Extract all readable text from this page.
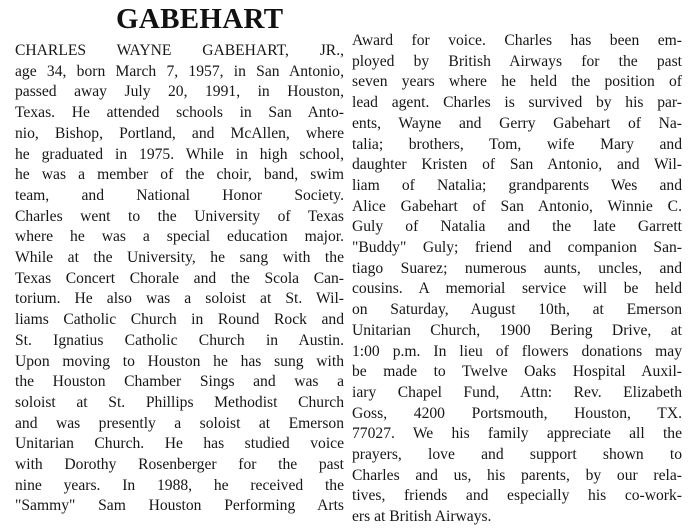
GABEHART
CHARLES WAYNE GABEHART, JR.,
age 34, born March 7, 1957, in San Antonio,
passed away July 20, 1991, in Houston,
Texas. He attended schools in San Anto-
nio, Bishop, Portland, and McAllen, where
he graduated in 1975. While in high school,
he was a member of the choir, band, swim
team, and National Honor Society.
Charles went to the University of Texas
where he was a special education major.
While at the University, he sang with the
Texas Concert Chorale and the Scola Can-
torium. He also was a soloist at St. Wil-
liams Catholic Church in Round Rock and
St. Ignatius Catholic Church in Austin.
Upon moving to Houston he has sung with
the Houston Chamber Sings and was a
soloist at St. Phillips Methodist Church
and was presently a soloist at Emerson
Unitarian Church. He has studied voice
with Dorothy Rosenberger for the past
nine years. In 1988, he received the
"Sammy" Sam Houston Performing Arts
Award for voice. Charles has been em-
ployed by British Airways for the past
seven years where he held the position of
lead agent. Charles is survived by his par-
ents, Wayne and Gerry Gabehart of Na-
talia; brothers, Tom, wife Mary and
daughter Kristen of San Antonio, and Wil-
liam of Natalia; grandparents Wes and
Alice Gabehart of San Antonio, Winnie C.
Guly of Natalia and the late Garrett
"Buddy" Guly; friend and companion San-
tiago Suarez; numerous aunts, uncles, and
cousins. A memorial service will be held
on Saturday, August 10th, at Emerson
Unitarian Church, 1900 Bering Drive, at
1:00 p.m. In lieu of flowers donations may
be made to Twelve Oaks Hospital Auxil-
iary Chapel Fund, Attn: Rev. Elizabeth
Goss, 4200 Portsmouth, Houston, TX.
77027. We his family appreciate all the
prayers, love and support shown to
Charles and us, his parents, by our rela-
tives, friends and especially his co-work-
ers at British Airways.
